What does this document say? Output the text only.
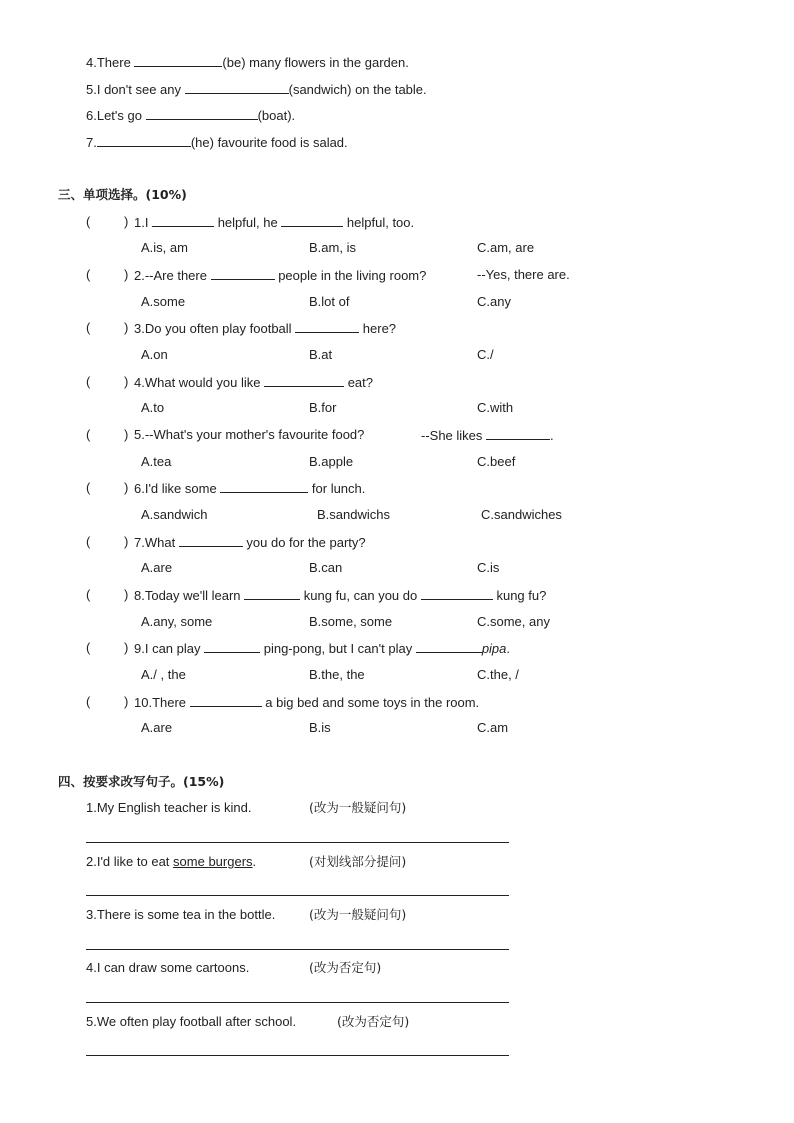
4.There	(be) many flowers in the garden.
5.I don't see any	(sandwich) on the table.
6.Let's go	(boat).
7.	(he) favourite food is salad.
三、单项选择。(10%)
(	) 1.I	helpful, he	helpful, too.
A.is, am	B.am, is	C.am, are
(	) 2.--Are there	people in the living room?	--Yes, there are.
A.some	B.lot of	C.any
(	) 3.Do you often play football	here?
A.on	B.at	C./
(	) 4.What would you like	eat?
A.to	B.for	C.with
(	) 5.--What's your mother's favourite food?	--She likes	.
A.tea	B.apple	C.beef
(	) 6.I'd like some	for lunch.
A.sandwich	B.sandwichs	C.sandwiches
(	) 7.What	you do for the party?
A.are	B.can	C.is
(	) 8.Today we'll learn	kung fu, can you do	kung fu?
A.any, some	B.some, some	C.some, any
(	) 9.I can play	ping-pong, but I can't play	pipa.
A./ , the	B.the, the	C.the, /
(	) 10.There	a big bed and some toys in the room.
A.are	B.is	C.am
四、按要求改写句子。(15%)
1.My English teacher is kind.	(改为一般疑问句)
2.I'd like to eat some burgers.	(对划线部分提问)
3.There is some tea in the bottle.	(改为一般疑问句)
4.I can draw some cartoons.	(改为否定句)
5.We often play football after school.	(改为否定句)
